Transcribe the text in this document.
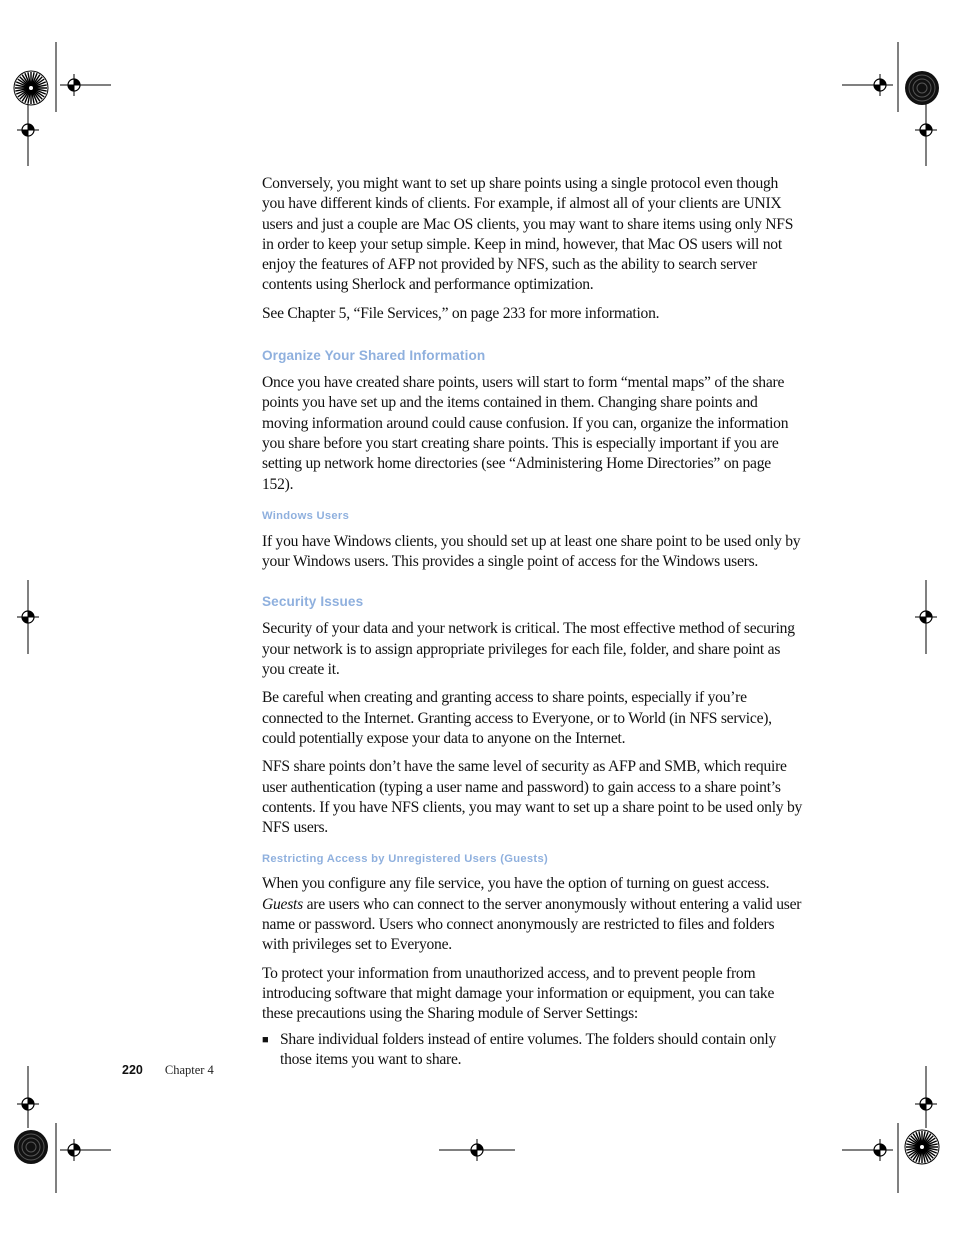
Conversely, you might want to set up share points using a single protocol even though you have different kinds of clients. For example, if almost all of your clients are UNIX users and just a couple are Mac OS clients, you may want to share items using only NFS in order to keep your setup simple. Keep in mind, however, that Mac OS users will not enjoy the features of AFP not provided by NFS, such as the ability to search server contents using Sherlock and performance optimization.

See Chapter 5, “File Services,” on page 233 for more information.

Organize Your Shared Information

Once you have created share points, users will start to form “mental maps” of the share points you have set up and the items contained in them. Changing share points and moving information around could cause confusion. If you can, organize the information you share before you start creating share points. This is especially important if you are setting up network home directories (see “Administering Home Directories” on page 152).

Windows Users

If you have Windows clients, you should set up at least one share point to be used only by your Windows users. This provides a single point of access for the Windows users.

Security Issues

Security of your data and your network is critical. The most effective method of securing your network is to assign appropriate privileges for each file, folder, and share point as you create it.

Be careful when creating and granting access to share points, especially if you’re connected to the Internet. Granting access to Everyone, or to World (in NFS service), could potentially expose your data to anyone on the Internet.

NFS share points don’t have the same level of security as AFP and SMB, which require user authentication (typing a user name and password) to gain access to a share point’s contents. If you have NFS clients, you may want to set up a share point to be used only by NFS users.

Restricting Access by Unregistered Users (Guests)

When you configure any file service, you have the option of turning on guest access. Guests are users who can connect to the server anonymously without entering a valid user name or password. Users who connect anonymously are restricted to files and folders with privileges set to Everyone.

To protect your information from unauthorized access, and to prevent people from introducing software that might damage your information or equipment, you can take these precautions using the Sharing module of Server Settings:

■ Share individual folders instead of entire volumes. The folders should contain only those items you want to share.

220 Chapter 4
